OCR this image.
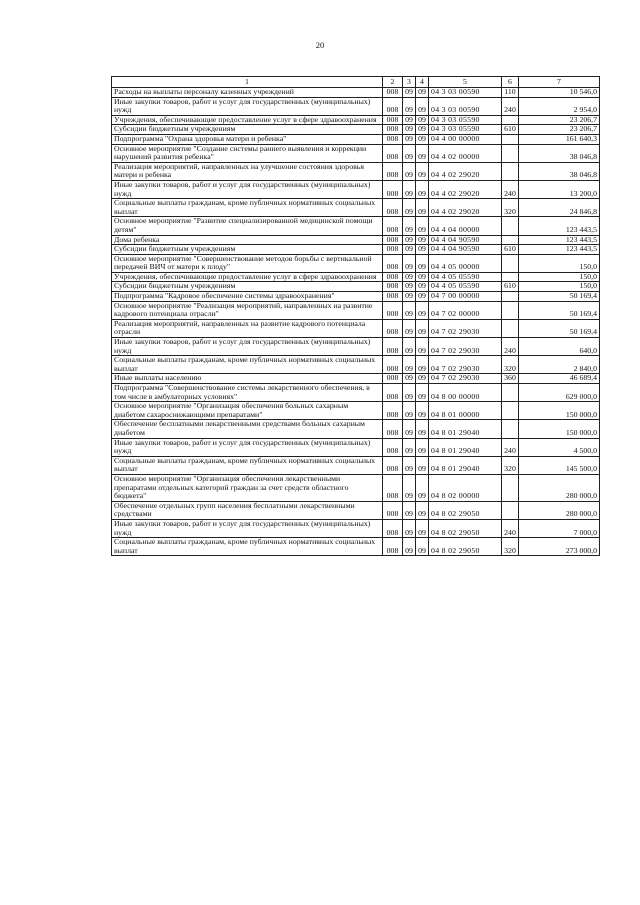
20
1	2	3	4	5	6	7
Расходы на выплаты персоналу казенных учреждений	008	09	09	04 3 03 00590	110	10 546,0
Иные закупки товаров, работ и услуг для государственных (муниципальных) нужд	008	09	09	04 3 03 00590	240	2 954,0
Учреждения, обеспечивающие предоставление услуг в сфере здравоохранения	008	09	09	04 3 03 05590		23 206,7
Субсидии бюджетным учреждениям	008	09	09	04 3 03 05590	610	23 206,7
Подпрограмма "Охрана здоровья матери и ребенка"	008	09	09	04 4 00 00000		161 640,3
Основное мероприятие "Создание системы раннего выявления и коррекции нарушений развития ребенка"	008	09	09	04 4 02 00000		38 046,8
Реализация мероприятий, направленных на улучшение состояния здоровья матери и ребенка	008	09	09	04 4 02 29020		38 046,8
Иные закупки товаров, работ и услуг для государственных (муниципальных) нужд	008	09	09	04 4 02 29020	240	13 200,0
Социальные выплаты гражданам, кроме публичных нормативных социальных выплат	008	09	09	04 4 02 29020	320	24 846,8
Основное мероприятие "Развитие специализированной медицинской помощи детям"	008	09	09	04 4 04 00000		123 443,5
Дома ребенка	008	09	09	04 4 04 90590		123 443,5
Субсидии бюджетным учреждениям	008	09	09	04 4 04 90590	610	123 443,5
Основное мероприятие "Совершенствование методов борьбы с вертикальной передачей ВИЧ от матери к плоду"	008	09	09	04 4 05 00000		150,0
Учреждения, обеспечивающие предоставление услуг в сфере здравоохранения	008	09	09	04 4 05 05590		150,0
Субсидии бюджетным учреждениям	008	09	09	04 4 05 05590	610	150,0
Подпрограмма "Кадровое обеспечение системы здравоохранения"	008	09	09	04 7 00 00000		50 169,4
Основное мероприятие "Реализация мероприятий, направленных на развитие кадрового потенциала отрасли"	008	09	09	04 7 02 00000		50 169,4
Реализация мероприятий, направленных на развитие кадрового потенциала отрасли	008	09	09	04 7 02 29030		50 169,4
Иные закупки товаров, работ и услуг для государственных (муниципальных) нужд	008	09	09	04 7 02 29030	240	640,0
Социальные выплаты гражданам, кроме публичных нормативных социальных выплат	008	09	09	04 7 02 29030	320	2 840,0
Иные выплаты населению	008	09	09	04 7 02 29030	360	46 689,4
Подпрограмма "Совершенствование системы лекарственного обеспечения, в том числе в амбулаторных условиях"	008	09	09	04 8 00 00000		629 000,0
Основное мероприятие "Организация обеспечения больных сахарным диабетом сахароснижающими препаратами"	008	09	09	04 8 01 00000		150 000,0
Обеспечение бесплатными лекарственными средствами больных сахарным диабетом	008	09	09	04 8 01 29040		150 000,0
Иные закупки товаров, работ и услуг для государственных (муниципальных) нужд	008	09	09	04 8 01 29040	240	4 500,0
Социальные выплаты гражданам, кроме публичных нормативных социальных выплат	008	09	09	04 8 01 29040	320	145 500,0
Основное мероприятие "Организация обеспечения лекарственными препаратами отдельных категорий граждан за счет средств областного бюджета"	008	09	09	04 8 02 00000		280 000,0
Обеспечение отдельных групп населения бесплатными лекарственными средствами	008	09	09	04 8 02 29050		280 000,0
Иные закупки товаров, работ и услуг для государственных (муниципальных) нужд	008	09	09	04 8 02 29050	240	7 000,0
Социальные выплаты гражданам, кроме публичных нормативных социальных выплат	008	09	09	04 8 02 29050	320	273 000,0
